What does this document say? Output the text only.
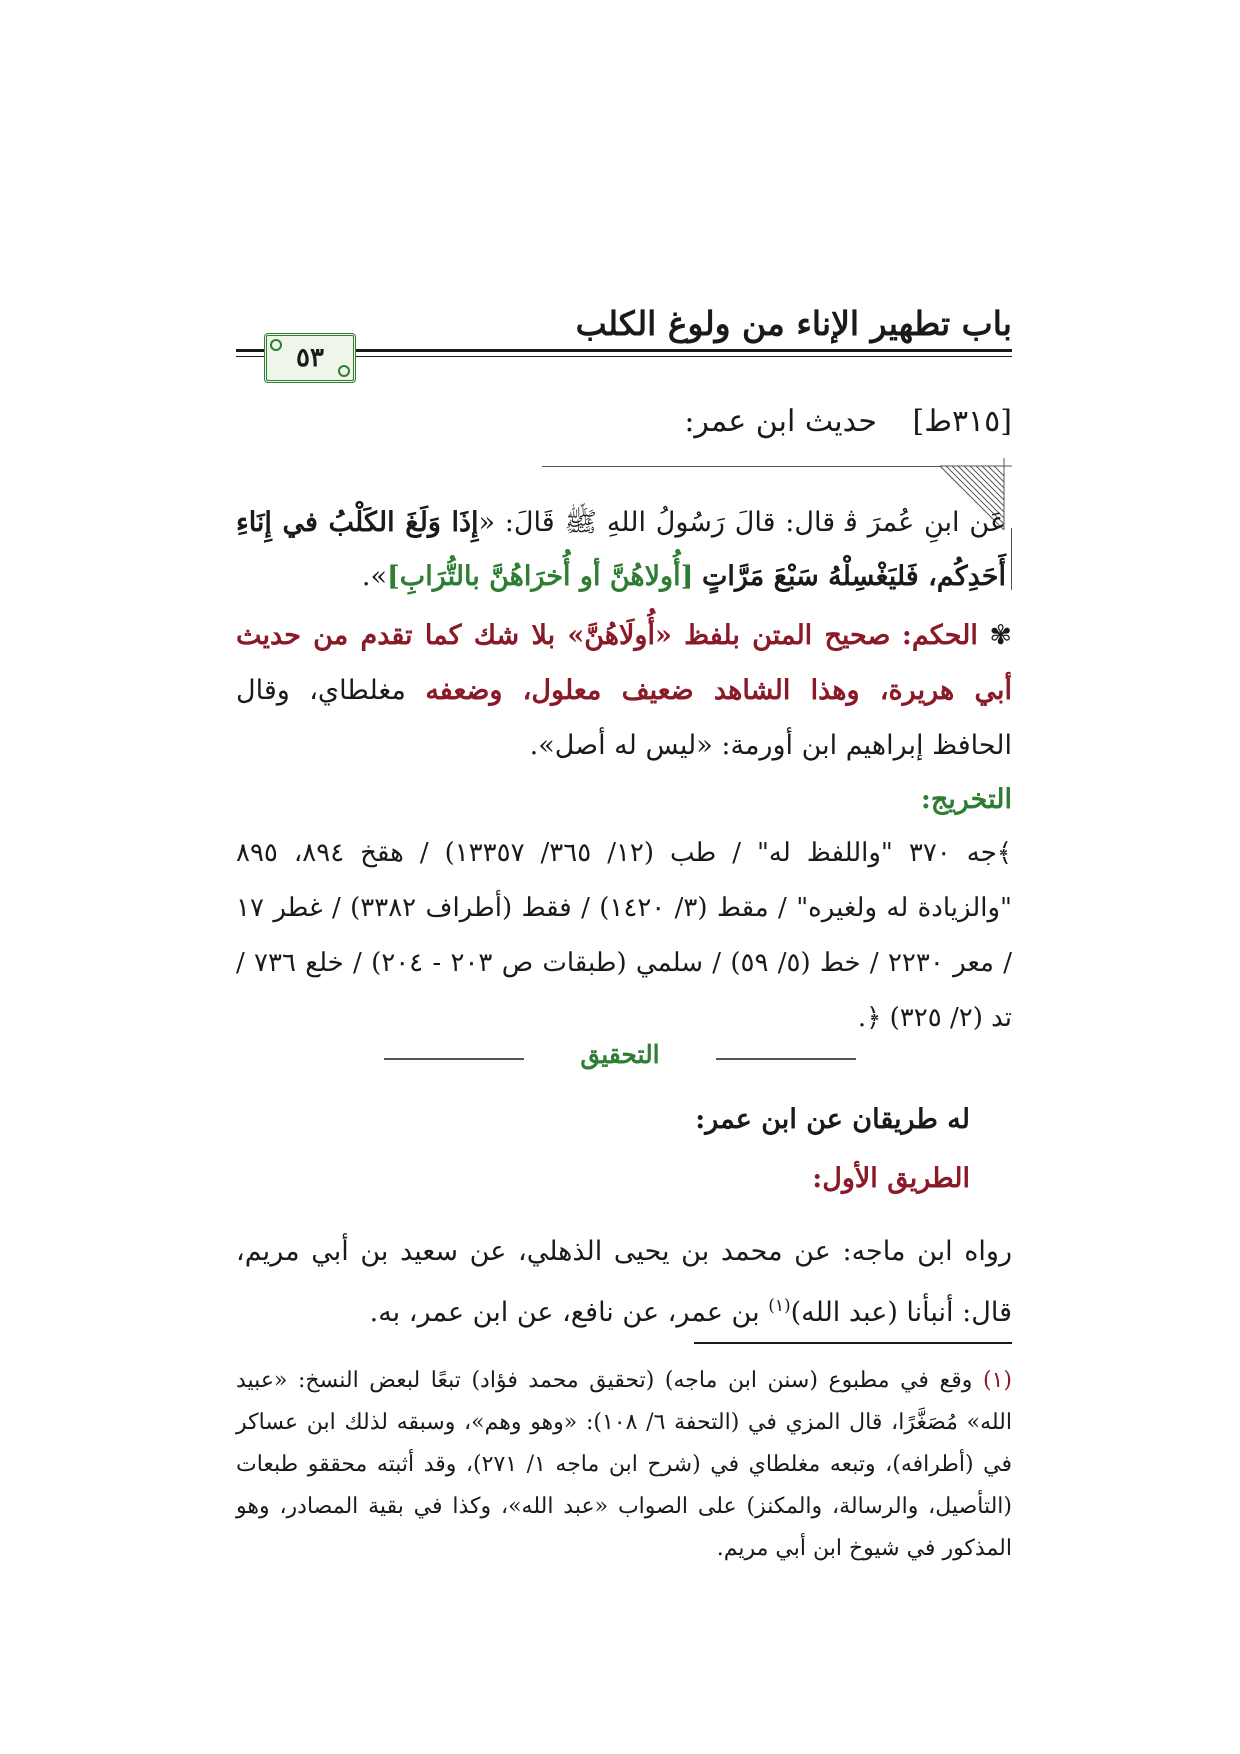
باب تطهير الإناء من ولوغ الكلب
٥٣
[٣١٥ط] حديث ابن عمر:
عَن ابنِ عُمرَ ﭬ قال: قالَ رَسُولُ اللهِ ﷺ قَالَ: «إِذَا وَلَغَ الكَلْبُ في إِنَاءِ أَحَدِكُم، فَليَغْسِلْهُ سَبْعَ مَرَّاتٍ [أُولاهُنَّ أو أُخرَاهُنَّ بالتُّرَابِ]».
✾ الحكم: صحيح المتن بلفظ «أُولَاهُنَّ» بلا شك كما تقدم من حديث أبي هريرة، وهذا الشاهد ضعيف معلول، وضعفه مغلطاي، وقال الحافظ إبراهيم ابن أورمة: «ليس له أصل».
التخريج:
﴾جه ٣٧٠ "واللفظ له" / طب (١٢/ ٣٦٥/ ١٣٣٥٧) / هقخ ٨٩٤، ٨٩٥ "والزيادة له ولغيره" / مقط (٣/ ١٤٢٠) / فقط (أطراف ٣٣٨٢) / غطر ١٧ / معر ٢٢٣٠ / خط (٥/ ٥٩) / سلمي (طبقات ص ٢٠٣ - ٢٠٤) / خلع ٧٣٦ / تد (٢/ ٣٢٥) ﴿.
التحقيق
له طريقان عن ابن عمر:
الطريق الأول:
رواه ابن ماجه: عن محمد بن يحيى الذهلي، عن سعيد بن أبي مريم، قال: أنبأنا (عبد الله)$^{(١)}$ بن عمر، عن نافع، عن ابن عمر، به.
(١) وقع في مطبوع (سنن ابن ماجه) (تحقيق محمد فؤاد) تبعًا لبعض النسخ: «عبيد الله» مُصَغَّرًا، قال المزي في (التحفة ٦/ ١٠٨): «وهو وهم»، وسبقه لذلك ابن عساكر في (أطرافه)، وتبعه مغلطاي في (شرح ابن ماجه ١/ ٢٧١)، وقد أثبته محققو طبعات (التأصيل، والرسالة، والمكنز) على الصواب «عبد الله»، وكذا في بقية المصادر، وهو المذكور في شيوخ ابن أبي مريم.
